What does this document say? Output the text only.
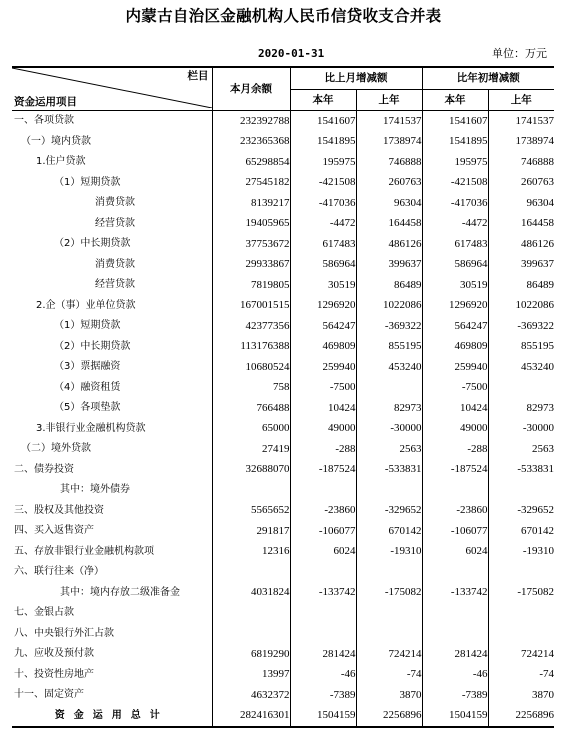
内蒙古自治区金融机构人民币信贷收支合并表
2020-01-31	单位：万元
栏目
资金运用项目	本月余额	比上月增减额		比年初增减额	
		本年	上年	本年	上年
一、各项贷款	232392788	1541607	1741537	1541607	1741537
（一）境内贷款	232365368	1541895	1738974	1541895	1738974
1.住户贷款	65298854	195975	746888	195975	746888
（1）短期贷款	27545182	-421508	260763	-421508	260763
消费贷款	8139217	-417036	96304	-417036	96304
经营贷款	19405965	-4472	164458	-4472	164458
（2）中长期贷款	37753672	617483	486126	617483	486126
消费贷款	29933867	586964	399637	586964	399637
经营贷款	7819805	30519	86489	30519	86489
2.企（事）业单位贷款	167001515	1296920	1022086	1296920	1022086
（1）短期贷款	42377356	564247	-369322	564247	-369322
（2）中长期贷款	113176388	469809	855195	469809	855195
（3）票据融资	10680524	259940	453240	259940	453240
（4）融资租赁	758	-7500		-7500	
（5）各项垫款	766488	10424	82973	10424	82973
3.非银行业金融机构贷款	65000	49000	-30000	49000	-30000
（二）境外贷款	27419	-288	2563	-288	2563
二、债券投资	32688070	-187524	-533831	-187524	-533831
其中：境外债券					
三、股权及其他投资	5565652	-23860	-329652	-23860	-329652
四、买入返售资产	291817	-106077	670142	-106077	670142
五、存放非银行业金融机构款项	12316	6024	-19310	6024	-19310
六、联行往来（净）					
其中：境内存放二级准备金	4031824	-133742	-175082	-133742	-175082
七、金银占款					
八、中央银行外汇占款					
九、应收及预付款	6819290	281424	724214	281424	724214
十、投资性房地产	13997	-46	-74	-46	-74
十一、固定资产	4632372	-7389	3870	-7389	3870
资金运用总计	282416301	1504159	2256896	1504159	2256896
